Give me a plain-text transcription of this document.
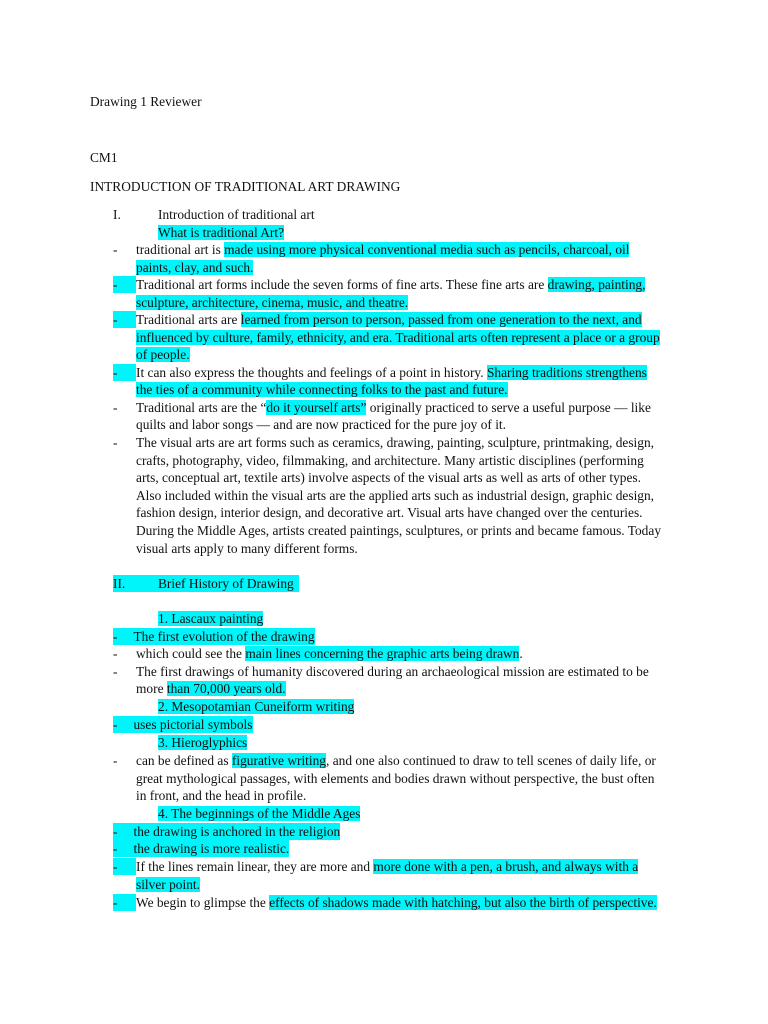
Drawing 1 Reviewer
CM1
INTRODUCTION OF TRADITIONAL ART DRAWING
I.	Introduction of traditional art
What is traditional Art?
- traditional art is made using more physical conventional media such as pencils, charcoal, oil
paints, clay, and such.
-	Traditional art forms include the seven forms of fine arts. These fine arts are drawing, painting,
sculpture, architecture, cinema, music, and theatre.
-	Traditional arts are learned from person to person, passed from one generation to the next, and
influenced by culture, family, ethnicity, and era. Traditional arts often represent a place or a group
of people.
-	It can also express the thoughts and feelings of a point in history. Sharing traditions strengthens
the ties of a community while connecting folks to the past and future.
- Traditional arts are the “do it yourself arts” originally practiced to serve a useful purpose — like
quilts and labor songs — and are now practiced for the pure joy of it.
- The visual arts are art forms such as ceramics, drawing, painting, sculpture, printmaking, design,
crafts, photography, video, filmmaking, and architecture. Many artistic disciplines (performing
arts, conceptual art, textile arts) involve aspects of the visual arts as well as arts of other types.
Also included within the visual arts are the applied arts such as industrial design, graphic design,
fashion design, interior design, and decorative art. Visual arts have changed over the centuries.
During the Middle Ages, artists created paintings, sculptures, or prints and became famous. Today
visual arts apply to many different forms.
II. Brief History of Drawing
1. Lascaux painting
- The first evolution of the drawing
- which could see the main lines concerning the graphic arts being drawn.
- The first drawings of humanity discovered during an archaeological mission are estimated to be
more than 70,000 years old.
2. Mesopotamian Cuneiform writing
- uses pictorial symbols
3. Hieroglyphics
- can be defined as figurative writing, and one also continued to draw to tell scenes of daily life, or
great mythological passages, with elements and bodies drawn without perspective, the bust often
in front, and the head in profile.
4. The beginnings of the Middle Ages
- the drawing is anchored in the religion
- the drawing is more realistic.
-	If the lines remain linear, they are more and more done with a pen, a brush, and always with a
silver point.
-	We begin to glimpse the effects of shadows made with hatching, but also the birth of perspective.
